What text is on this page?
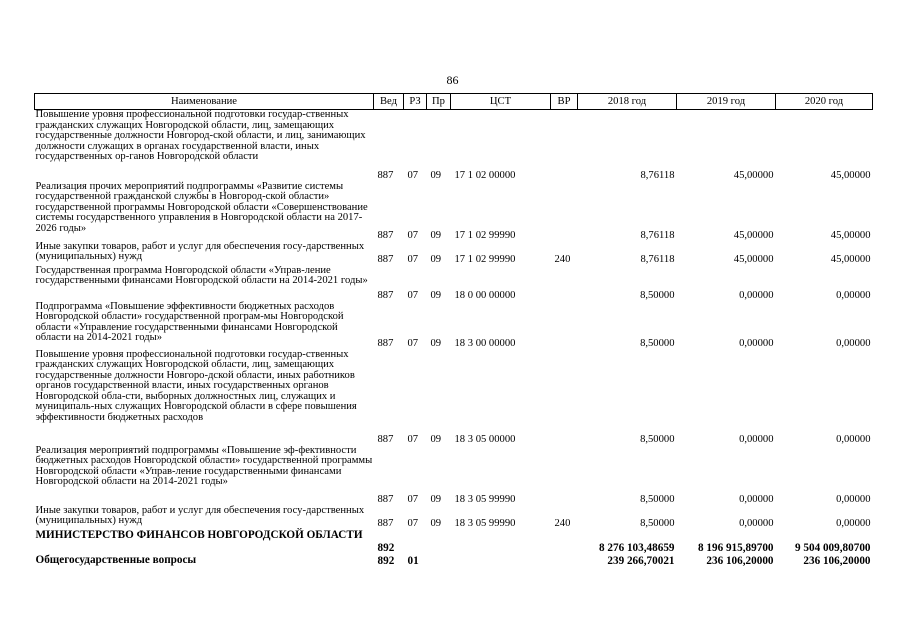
86
Наименование	Вед	РЗ	Пр	ЦСТ	ВР	2018 год	2019 год	2020 год
Повышение уровня профессиональной подготовки государ-ственных гражданских служащих Новгородской области, лиц, замещающих государственные должности Новгород-ской области, и лиц, занимающих должности служащих в органах государственной власти, иных государственных ор-ганов Новгородской области	887	07	09	17 1 02 00000		8,76118	45,00000	45,00000
Реализация прочих мероприятий подпрограммы «Развитие системы государственной гражданской службы в Новгород-ской области» государственной программы Новгородской области «Совершенствование системы государственного управления в Новгородской области на 2017-2026 годы»	887	07	09	17 1 02 99990		8,76118	45,00000	45,00000
Иные закупки товаров, работ и услуг для обеспечения госу-дарственных (муниципальных) нужд	887	07	09	17 1 02 99990	240	8,76118	45,00000	45,00000
Государственная программа Новгородской области «Управ-ление государственными финансами Новгородской области на 2014-2021 годы»	887	07	09	18 0 00 00000		8,50000	0,00000	0,00000
Подпрограмма «Повышение эффективности бюджетных расходов Новгородской области» государственной програм-мы Новгородской области «Управление государственными финансами Новгородской области на 2014-2021 годы»	887	07	09	18 3 00 00000		8,50000	0,00000	0,00000
Повышение уровня профессиональной подготовки государ-ственных гражданских служащих Новгородской области, лиц, замещающих государственные должности Новгоро-дской области, иных работников органов государственной власти, иных государственных органов Новгородской обла-сти, выборных должностных лиц, служащих и муниципаль-ных служащих Новгородской области в сфере повышения эффективности бюджетных расходов	887	07	09	18 3 05 00000		8,50000	0,00000	0,00000
Реализация мероприятий подпрограммы «Повышение эф-фективности бюджетных расходов Новгородской области» государственной программы Новгородской области «Управ-ление государственными финансами Новгородской области на 2014-2021 годы»	887	07	09	18 3 05 99990		8,50000	0,00000	0,00000
Иные закупки товаров, работ и услуг для обеспечения госу-дарственных (муниципальных) нужд	887	07	09	18 3 05 99990	240	8,50000	0,00000	0,00000
МИНИСТЕРСТВО ФИНАНСОВ НОВГОРОДСКОЙ ОБЛАСТИ	892					8 276 103,48659	8 196 915,89700	9 504 009,80700
Общегосударственные вопросы	892	01				239 266,70021	236 106,20000	236 106,20000
